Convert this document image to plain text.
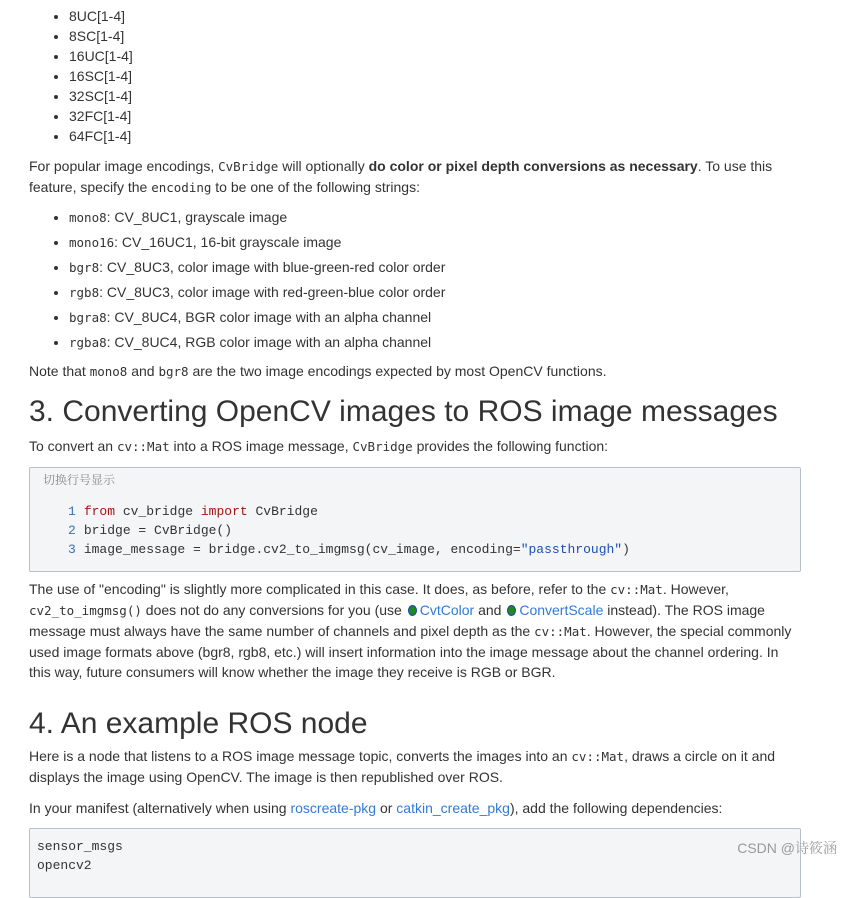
• 8UC[1-4]
• 8SC[1-4]
• 16UC[1-4]
• 16SC[1-4]
• 32SC[1-4]
• 32FC[1-4]
• 64FC[1-4]

For popular image encodings, CvBridge will optionally do color or pixel depth conversions as necessary. To use this feature, specify the encoding to be one of the following strings:

• mono8: CV_8UC1, grayscale image
• mono16: CV_16UC1, 16-bit grayscale image
• bgr8: CV_8UC3, color image with blue-green-red color order
• rgb8: CV_8UC3, color image with red-green-blue color order
• bgra8: CV_8UC4, BGR color image with an alpha channel
• rgba8: CV_8UC4, RGB color image with an alpha channel

Note that mono8 and bgr8 are the two image encodings expected by most OpenCV functions.

3. Converting OpenCV images to ROS image messages

To convert an cv::Mat into a ROS image message, CvBridge provides the following function:

切换行号显示
1 from cv_bridge import CvBridge
2 bridge = CvBridge()
3 image_message = bridge.cv2_to_imgmsg(cv_image, encoding="passthrough")

The use of "encoding" is slightly more complicated in this case. It does, as before, refer to the cv::Mat. However, cv2_to_imgmsg() does not do any conversions for you (use CvtColor and ConvertScale instead). The ROS image message must always have the same number of channels and pixel depth as the cv::Mat. However, the special commonly used image formats above (bgr8, rgb8, etc.) will insert information into the image message about the channel ordering. In this way, future consumers will know whether the image they receive is RGB or BGR.

4. An example ROS node

Here is a node that listens to a ROS image message topic, converts the images into an cv::Mat, draws a circle on it and displays the image using OpenCV. The image is then republished over ROS.

In your manifest (alternatively when using roscreate-pkg or catkin_create_pkg), add the following dependencies:

sensor_msgs
opencv2
CSDN @诗筱涵
